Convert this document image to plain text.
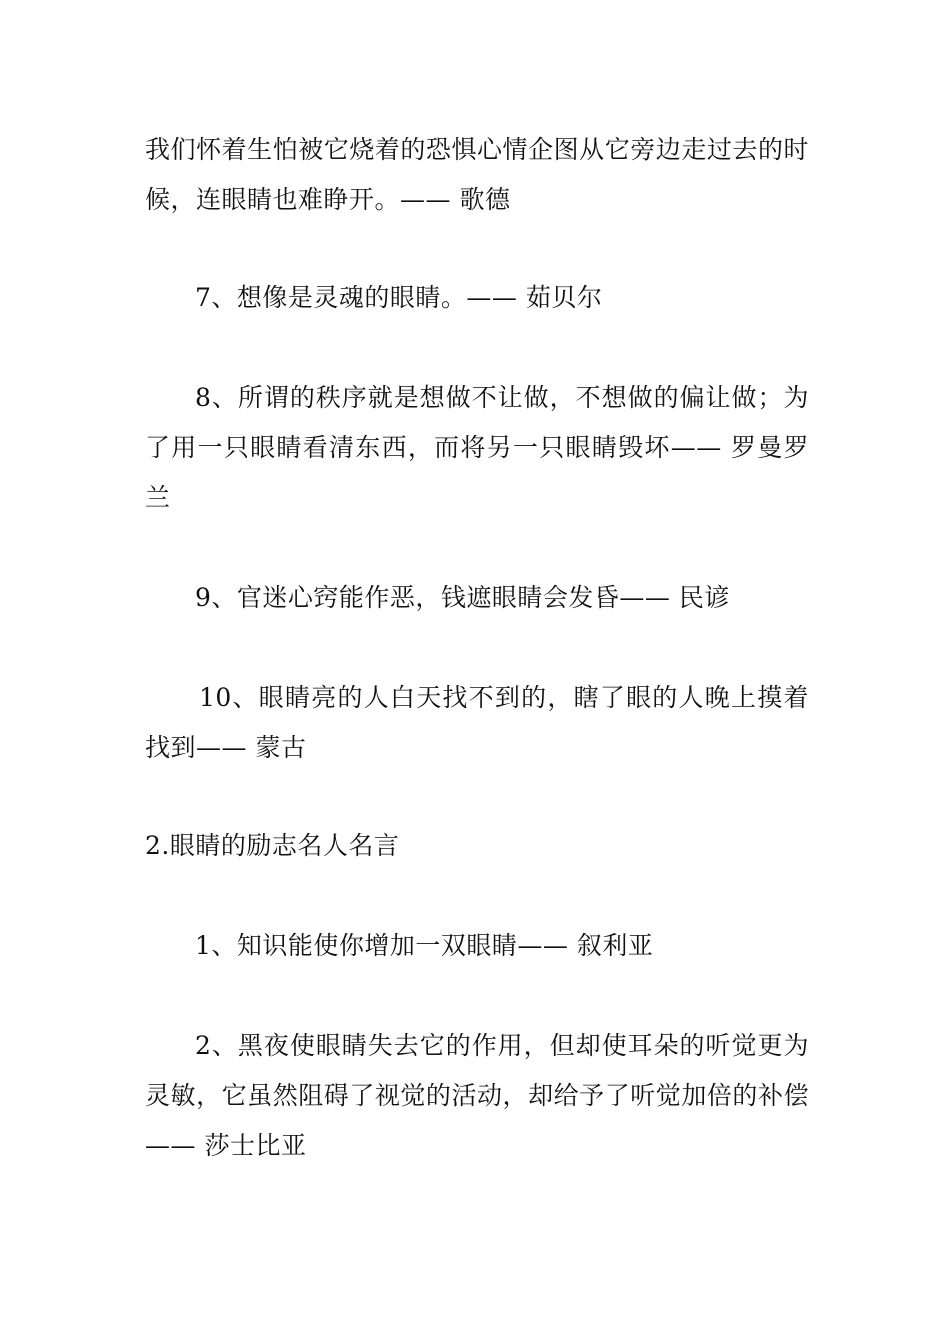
我们怀着生怕被它烧着的恐惧心情企图从它旁边走过去的时候，连眼睛也难睁开。—— 歌德

7、想像是灵魂的眼睛。—— 茹贝尔

8、所谓的秩序就是想做不让做，不想做的偏让做；为了用一只眼睛看清东西，而将另一只眼睛毁坏—— 罗曼罗兰

9、官迷心窍能作恶，钱遮眼睛会发昏—— 民谚

10、眼睛亮的人白天找不到的，瞎了眼的人晚上摸着找到—— 蒙古

2.眼睛的励志名人名言

1、知识能使你增加一双眼睛—— 叙利亚

2、黑夜使眼睛失去它的作用，但却使耳朵的听觉更为灵敏，它虽然阻碍了视觉的活动，却给予了听觉加倍的补偿—— 莎士比亚
